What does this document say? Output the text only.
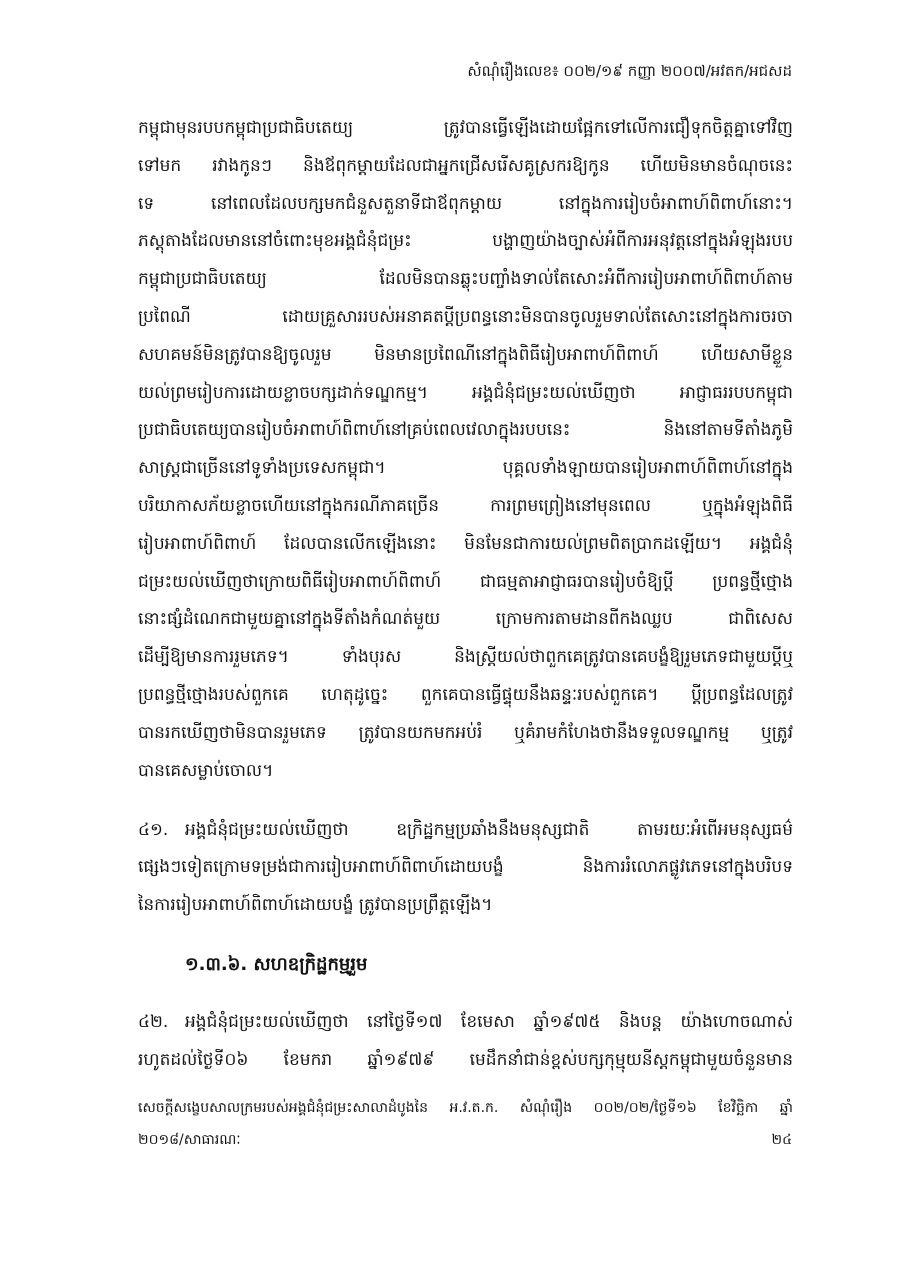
សំណុំរឿងលេខ៖ ០០២/១៩ កញ្ញា ២០០៧/អវតក/អជសដ
កម្ពុជាមុនរបបកម្ពុជាប្រជាធិបតេយ្យ ត្រូវបានធ្វើឡើងដោយផ្អែកទៅលើការជឿទុកចិត្តគ្នាទៅវិញ
ទៅមក រវាងកូនៗ និងឪពុកម្តាយដែលជាអ្នកជ្រើសរើសគូស្រករឱ្យកូន ហើយមិនមានចំណុចនេះ
ទេ នៅពេលដែលបក្សមកជំនួសតួនាទីជាឪពុកម្តាយ នៅក្នុងការរៀបចំអាពាហ៍ពិពាហ៍នោះ។
ភស្តុតាងដែលមាននៅចំពោះមុខអង្គជំនុំជម្រះ បង្ហាញយ៉ាងច្បាស់អំពីការអនុវត្តនៅក្នុងអំឡុងរបប
កម្ពុជាប្រជាធិបតេយ្យ ដែលមិនបានឆ្លុះបញ្ចាំងទាល់តែសោះអំពីការរៀបអាពាហ៍ពិពាហ៍តាម
ប្រពៃណី ដោយគ្រួសាររបស់អនាគតប្តីប្រពន្ធនោះមិនបានចូលរួមទាល់តែសោះនៅក្នុងការចរចា
សហគមន៍មិនត្រូវបានឱ្យចូលរួម មិនមានប្រពៃណីនៅក្នុងពិធីរៀបអាពាហ៍ពិពាហ៍ ហើយសាមីខ្លួន
យល់ព្រមរៀបការដោយខ្លាចបក្សដាក់ទណ្ឌកម្ម។ អង្គជំនុំជម្រះយល់ឃើញថា អាជ្ញាធររបបកម្ពុជា
ប្រជាធិបតេយ្យបានរៀបចំអាពាហ៍ពិពាហ៍នៅគ្រប់ពេលវេលាក្នុងរបបនេះ និងនៅតាមទីតាំងភូមិ
សាស្ត្រជាច្រើននៅទូទាំងប្រទេសកម្ពុជា។ បុគ្គលទាំងឡាយបានរៀបអាពាហ៍ពិពាហ៍នៅក្នុង
បរិយាកាសភ័យខ្លាចហើយនៅក្នុងករណីភាគច្រើន ការព្រមព្រៀងនៅមុនពេល ឬក្នុងអំឡុងពិធី
រៀបអាពាហ៍ពិពាហ៍ ដែលបានលើកឡើងនោះ មិនមែនជាការយល់ព្រមពិតប្រាកដឡើយ។ អង្គជំនុំ
ជម្រះយល់ឃើញថាក្រោយពិធីរៀបអាពាហ៍ពិពាហ៍ ជាធម្មតាអាជ្ញាធរបានរៀបចំឱ្យប្តី ប្រពន្ធថ្មីថ្មោង
នោះផ្សំដំណេកជាមួយគ្នានៅក្នុងទីតាំងកំណត់មួយ ក្រោមការតាមដានពីកងឈ្លប ជាពិសេស
ដើម្បីឱ្យមានការរួមភេទ។ ទាំងបុរស និងស្ត្រីយល់ថាពួកគេត្រូវបានគេបង្ខំឱ្យរួមភេទជាមួយប្តីឬ
ប្រពន្ធថ្មីថ្មោងរបស់ពួកគេ ហេតុដូច្នេះ ពួកគេបានធ្វើផ្ទុយនឹងឆន្ទៈរបស់ពួកគេ។ ប្តីប្រពន្ធដែលត្រូវ
បានរកឃើញថាមិនបានរួមភេទ ត្រូវបានយកមកអប់រំ ឬគំរាមកំហែងថានឹងទទួលទណ្ឌកម្ម ឬត្រូវ
បានគេសម្លាប់ចោល។
៤១. អង្គជំនុំជម្រះយល់ឃើញថា ឧក្រិដ្ឋកម្មប្រឆាំងនឹងមនុស្សជាតិ តាមរយៈអំពើអមនុស្សធម៌
ផ្សេងៗទៀតក្រោមទម្រង់ជាការរៀបអាពាហ៍ពិពាហ៍ដោយបង្ខំ និងការរំលោភផ្លូវភេទនៅក្នុងបរិបទ
នៃការរៀបអាពាហ៍ពិពាហ៍ដោយបង្ខំ ត្រូវបានប្រព្រឹត្តឡើង។
១.៣.៦. សហឧក្រិដ្ឋកម្មរួម
៤២. អង្គជំនុំជម្រះយល់ឃើញថា នៅថ្ងៃទី១៧ ខែមេសា ឆ្នាំ១៩៧៥ និងបន្ត យ៉ាងហោចណាស់
រហូតដល់ថ្ងៃទី០៦ ខែមករា ឆ្នាំ១៩៧៩ មេដឹកនាំជាន់ខ្ពស់បក្សកុម្មុយនីស្តកម្ពុជាមួយចំនួនមាន
សេចក្តីសង្ខេបសាលក្រមរបស់អង្គជំនុំជម្រះសាលាដំបូងនៃ អ.វ.ត.ក. សំណុំរឿង ០០២/០២/ថ្ងៃទី១៦ ខែវិច្ឆិកា ឆ្នាំ
២០១៨/សាធារណៈ	២៤
